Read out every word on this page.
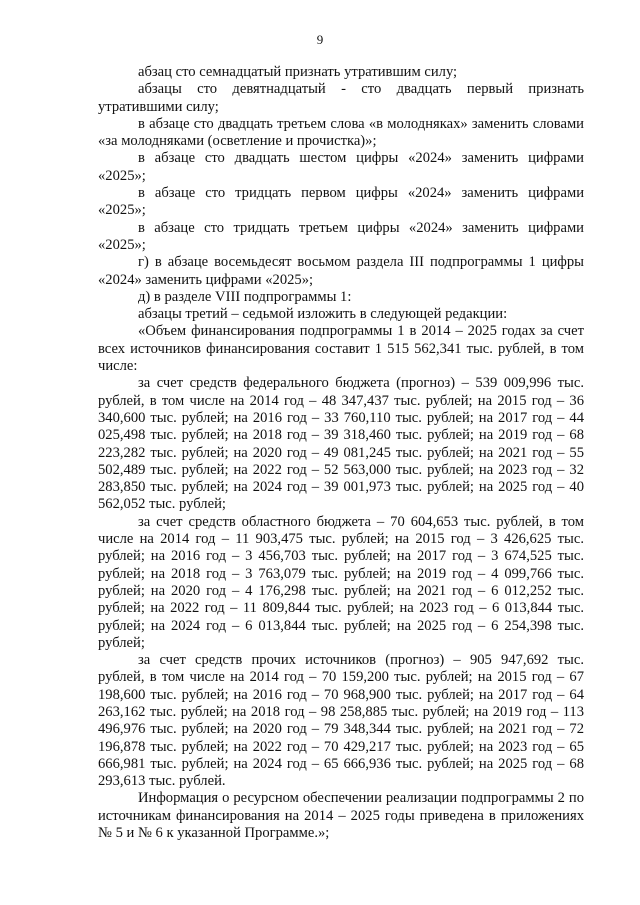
9

абзац сто семнадцатый признать утратившим силу;

абзацы сто девятнадцатый - сто двадцать первый признать утратившими силу;

в абзаце сто двадцать третьем слова «в молодняках» заменить словами «за молодняками (осветление и прочистка)»;

в абзаце сто двадцать шестом цифры «2024» заменить цифрами «2025»;

в абзаце сто тридцать первом цифры «2024» заменить цифрами «2025»;

в абзаце сто тридцать третьем цифры «2024» заменить цифрами «2025»;

г) в абзаце восемьдесят восьмом раздела III подпрограммы 1 цифры «2024» заменить цифрами «2025»;

д) в разделе VIII подпрограммы 1:

абзацы третий – седьмой изложить в следующей редакции:

«Объем финансирования подпрограммы 1 в 2014 – 2025 годах за счет всех источников финансирования составит 1 515 562,341 тыс. рублей, в том числе:

за счет средств федерального бюджета (прогноз) – 539 009,996 тыс. рублей, в том числе на 2014 год – 48 347,437 тыс. рублей; на 2015 год – 36 340,600 тыс. рублей; на 2016 год – 33 760,110 тыс. рублей; на 2017 год – 44 025,498 тыс. рублей; на 2018 год – 39 318,460 тыс. рублей; на 2019 год – 68 223,282 тыс. рублей; на 2020 год – 49 081,245 тыс. рублей; на 2021 год – 55 502,489 тыс. рублей; на 2022 год – 52 563,000 тыс. рублей; на 2023 год – 32 283,850 тыс. рублей; на 2024 год – 39 001,973 тыс. рублей; на 2025 год – 40 562,052 тыс. рублей;

за счет средств областного бюджета – 70 604,653 тыс. рублей, в том числе на 2014 год – 11 903,475 тыс. рублей; на 2015 год – 3 426,625 тыс. рублей; на 2016 год – 3 456,703 тыс. рублей; на 2017 год – 3 674,525 тыс. рублей; на 2018 год – 3 763,079 тыс. рублей; на 2019 год – 4 099,766 тыс. рублей; на 2020 год – 4 176,298 тыс. рублей; на 2021 год – 6 012,252 тыс. рублей; на 2022 год – 11 809,844 тыс. рублей; на 2023 год – 6 013,844 тыс. рублей; на 2024 год – 6 013,844 тыс. рублей; на 2025 год – 6 254,398 тыс. рублей;

за счет средств прочих источников (прогноз) – 905 947,692 тыс. рублей, в том числе на 2014 год – 70 159,200 тыс. рублей; на 2015 год – 67 198,600 тыс. рублей; на 2016 год – 70 968,900 тыс. рублей; на 2017 год – 64 263,162 тыс. рублей; на 2018 год – 98 258,885 тыс. рублей; на 2019 год – 113 496,976 тыс. рублей; на 2020 год – 79 348,344 тыс. рублей; на 2021 год – 72 196,878 тыс. рублей; на 2022 год – 70 429,217 тыс. рублей; на 2023 год – 65 666,981 тыс. рублей; на 2024 год – 65 666,936 тыс. рублей; на 2025 год – 68 293,613 тыс. рублей.

Информация о ресурсном обеспечении реализации подпрограммы 2 по источникам финансирования на 2014 – 2025 годы приведена в приложениях № 5 и № 6 к указанной Программе.»;
